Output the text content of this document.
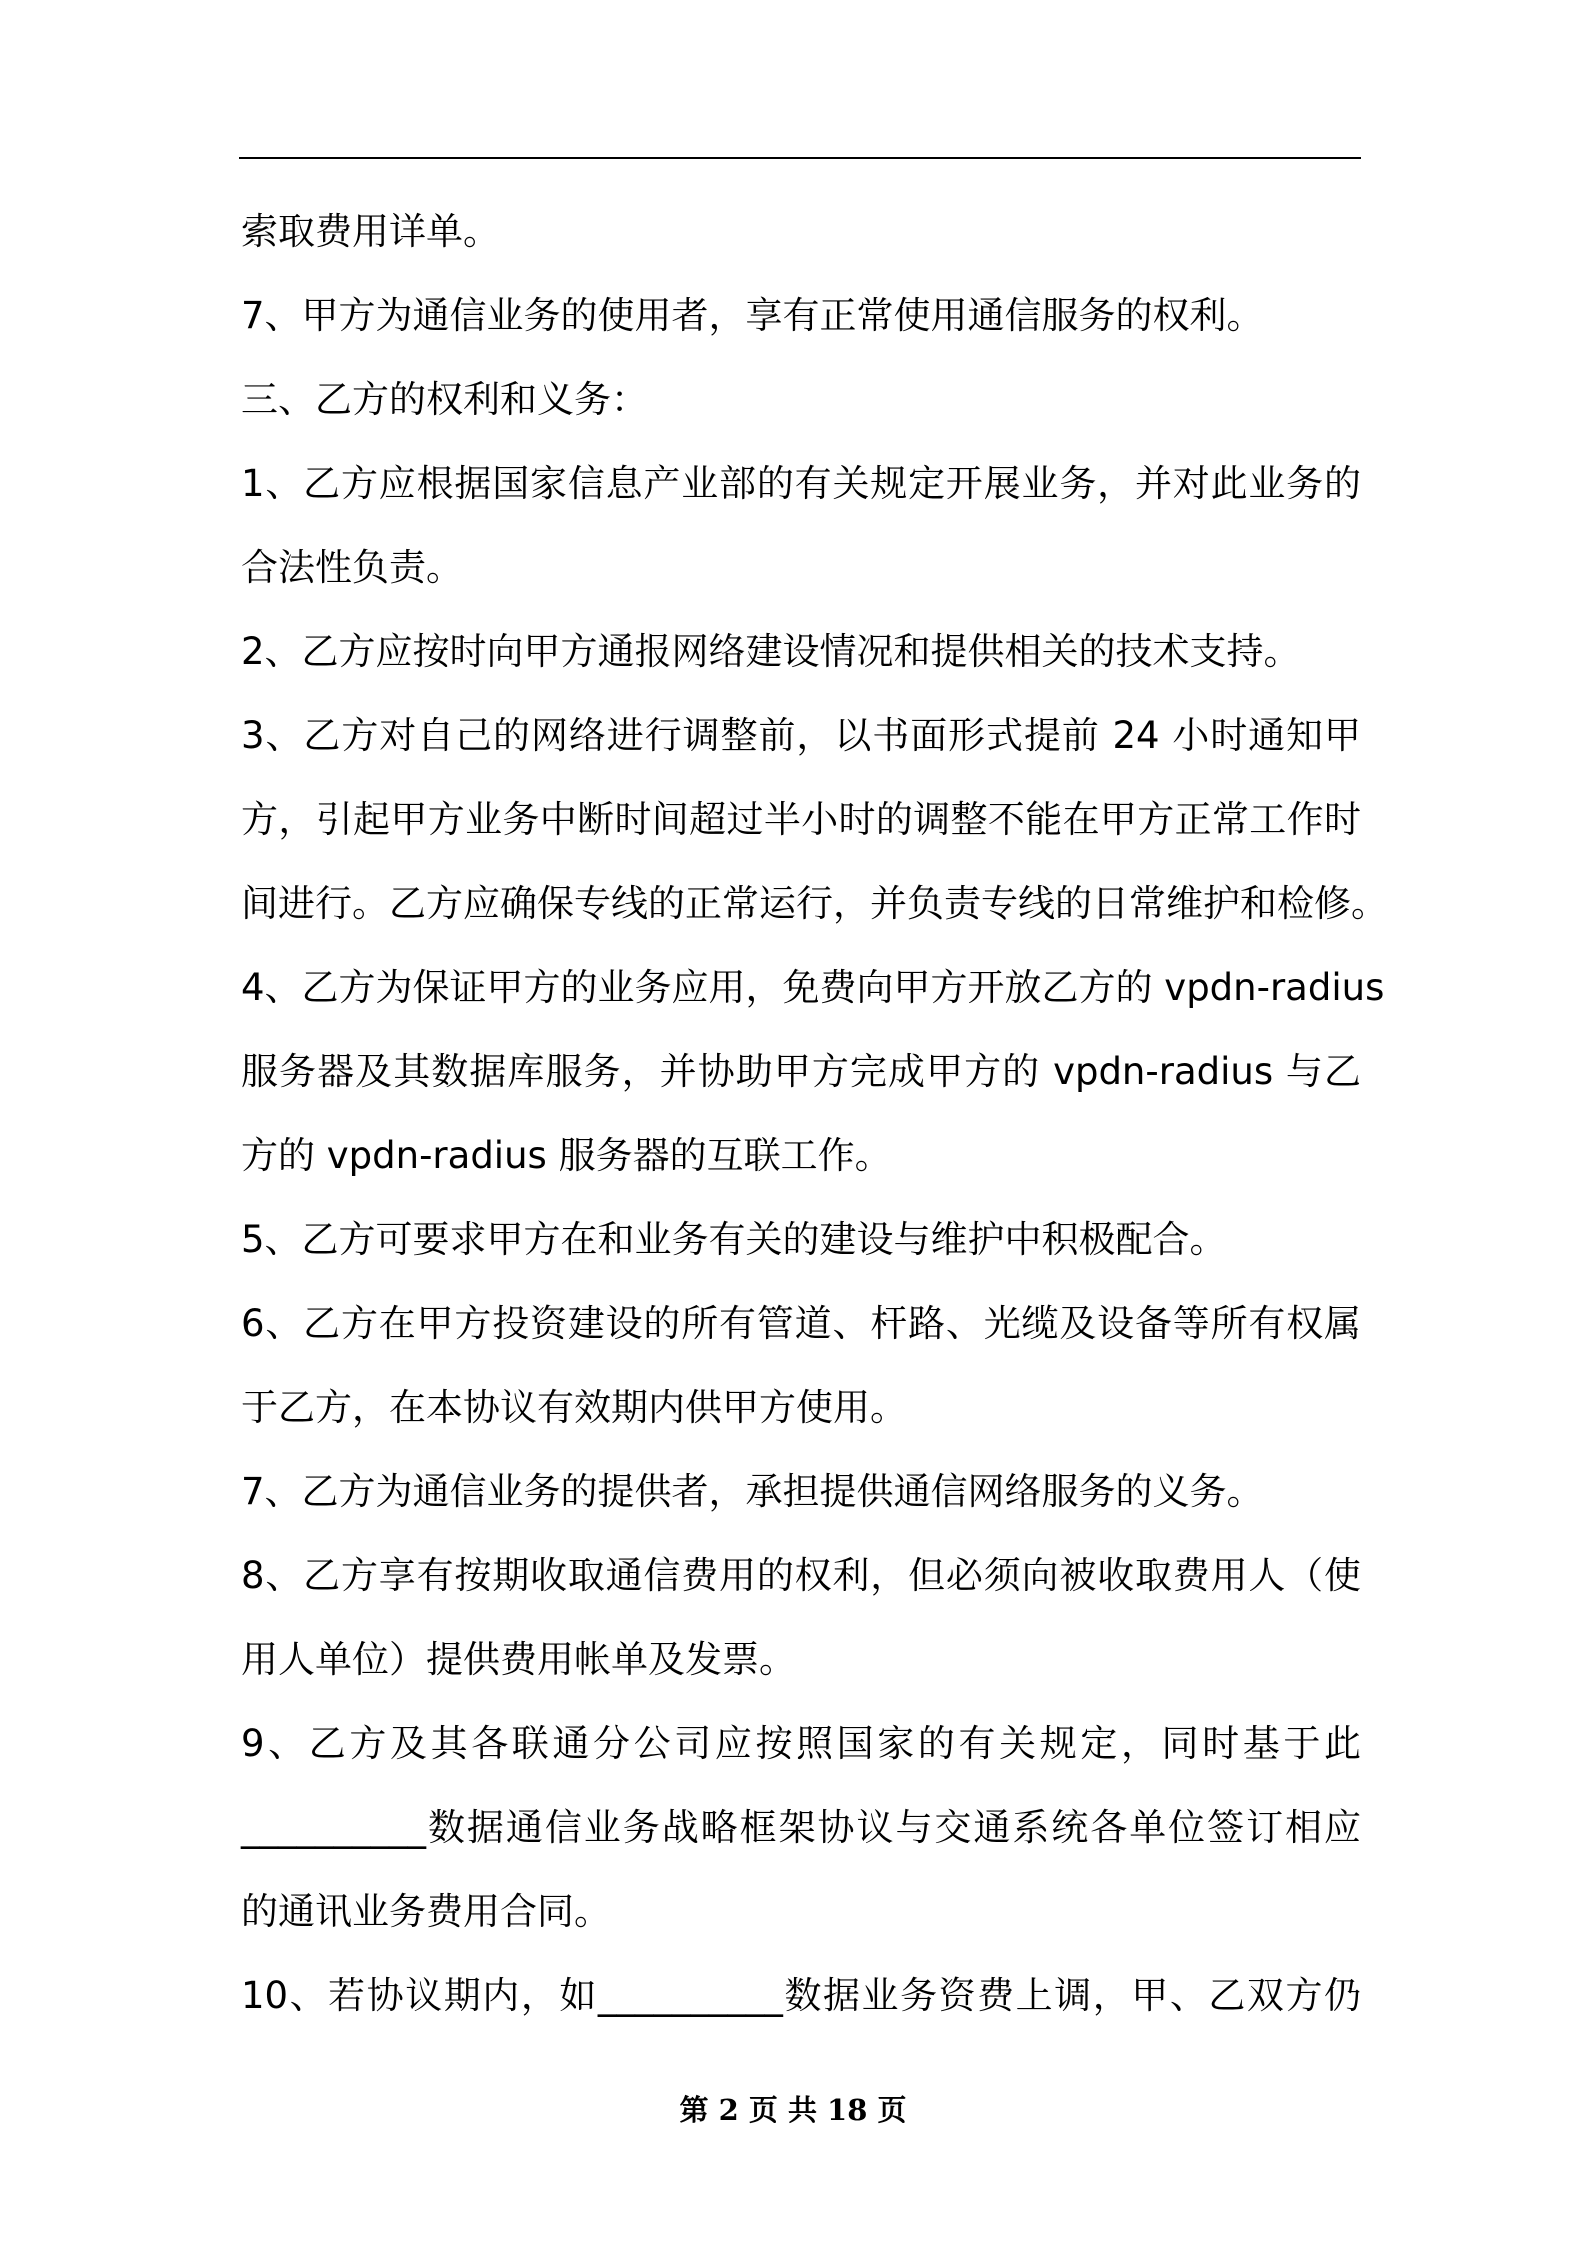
索取费用详单。
7、甲方为通信业务的使用者，享有正常使用通信服务的权利。
三、乙方的权利和义务：
1、乙方应根据国家信息产业部的有关规定开展业务，并对此业务的
合法性负责。
2、乙方应按时向甲方通报网络建设情况和提供相关的技术支持。
3、乙方对自己的网络进行调整前，以书面形式提前 24 小时通知甲
方，引起甲方业务中断时间超过半小时的调整不能在甲方正常工作时
间进行。乙方应确保专线的正常运行，并负责专线的日常维护和检修。
4、乙方为保证甲方的业务应用，免费向甲方开放乙方的 vpdn-radius
服务器及其数据库服务，并协助甲方完成甲方的 vpdn-radius 与乙
方的 vpdn-radius 服务器的互联工作。
5、乙方可要求甲方在和业务有关的建设与维护中积极配合。
6、乙方在甲方投资建设的所有管道、杆路、光缆及设备等所有权属
于乙方，在本协议有效期内供甲方使用。
7、乙方为通信业务的提供者，承担提供通信网络服务的义务。
8、乙方享有按期收取通信费用的权利，但必须向被收取费用人（使
用人单位）提供费用帐单及发票。
9、乙方及其各联通分公司应按照国家的有关规定，同时基于此
__________数据通信业务战略框架协议与交通系统各单位签订相应
的通讯业务费用合同。
10、若协议期内，如__________数据业务资费上调，甲、乙双方仍
第 2 页 共 18 页
